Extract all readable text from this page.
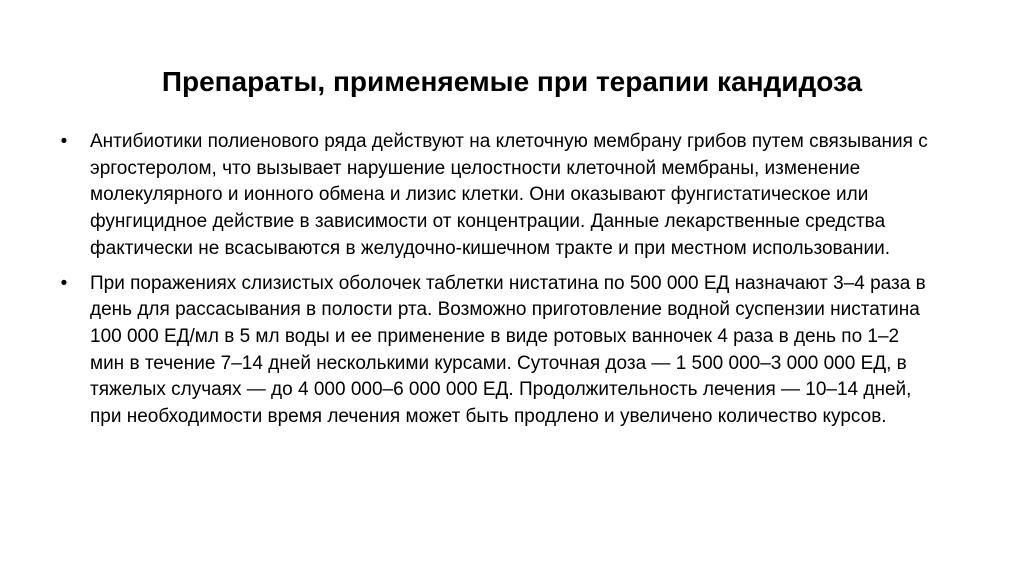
Препараты, применяемые при терапии кандидоза
• Антибиотики полиенового ряда действуют на клеточную мембрану грибов путем связывания с эргостеролом, что вызывает нарушение целостности клеточной мембраны, изменение молекулярного и ионного обмена и лизис клетки. Они оказывают фунгистатическое или фунгицидное действие в зависимости от концентрации. Данные лекарственные средства фактически не всасываются в желудочно-кишечном тракте и при местном использовании.
• При поражениях слизистых оболочек таблетки нистатина по 500 000 ЕД назначают 3–4 раза в день для рассасывания в полости рта. Возможно приготовление водной суспензии нистатина 100 000 ЕД/мл в 5 мл воды и ее применение в виде ротовых ванночек 4 раза в день по 1–2 мин в течение 7–14 дней несколькими курсами. Суточная доза — 1 500 000–3 000 000 ЕД, в тяжелых случаях — до 4 000 000–6 000 000 ЕД. Продолжительность лечения — 10–14 дней, при необходимости время лечения может быть продлено и увеличено количество курсов.
